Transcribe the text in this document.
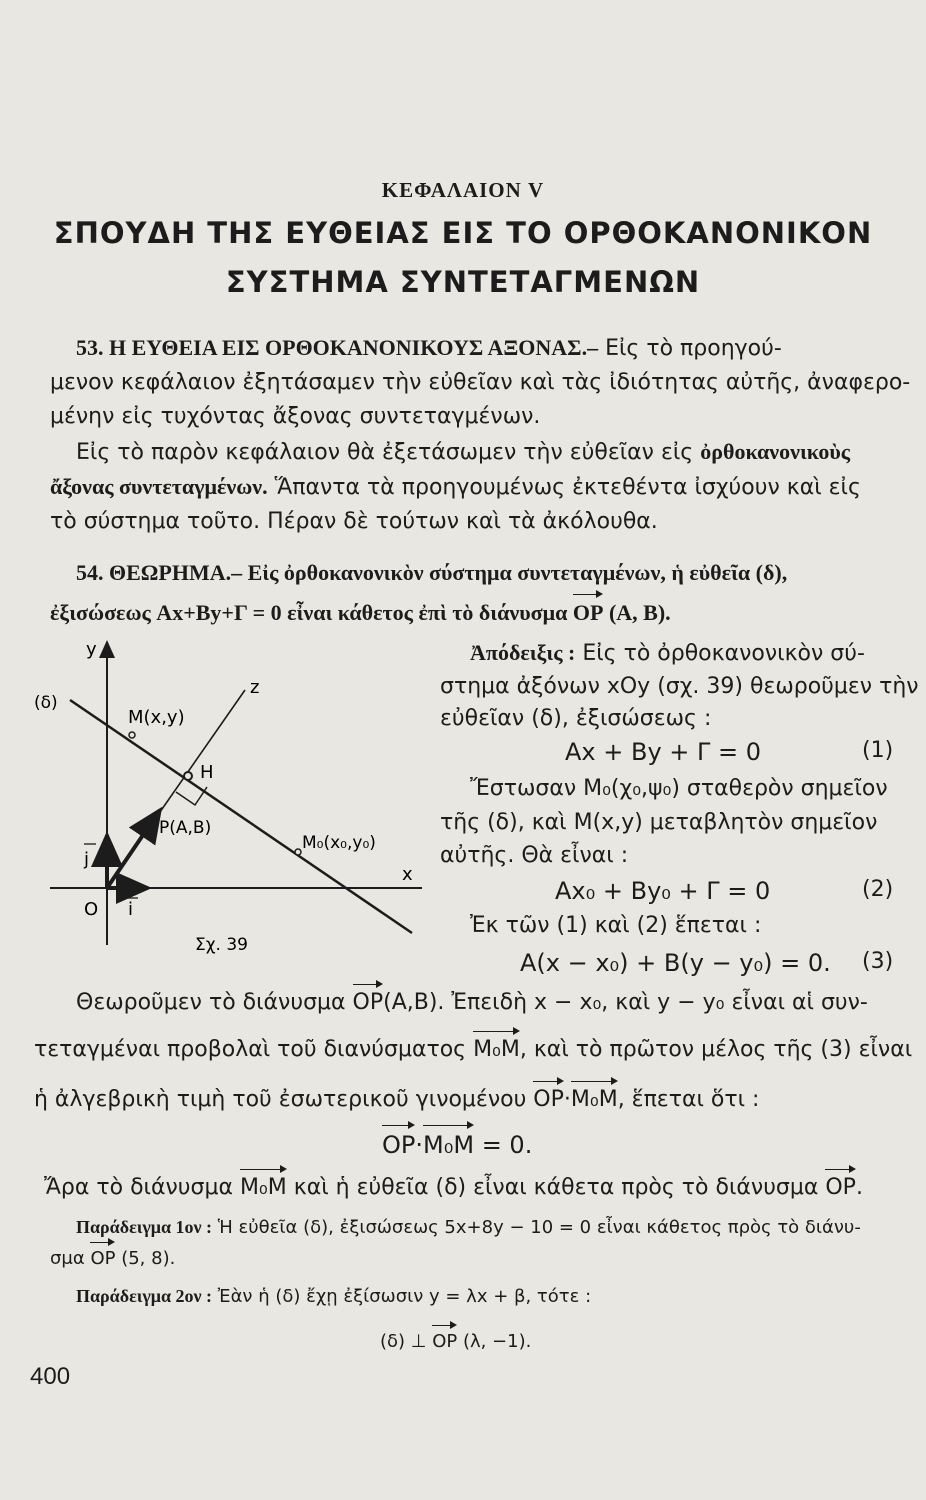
ΚΕΦΑΛΑΙΟΝ V
ΣΠΟΥΔΗ ΤΗΣ ΕΥΘΕΙΑΣ ΕΙΣ ΤΟ ΟΡΘΟΚΑΝΟΝΙΚΟΝ
ΣΥΣΤΗΜΑ ΣΥΝΤΕΤΑΓΜΕΝΩΝ
53. Η ΕΥΘΕΙΑ ΕΙΣ ΟΡΘΟΚΑΝΟΝΙΚΟΥΣ ΑΞΟΝΑΣ.– Εἰς τὸ προηγού-
μενον κεφάλαιον ἐξητάσαμεν τὴν εὐθεῖαν καὶ τὰς ἰδιότητας αὐτῆς, ἀναφερο-
μένην εἰς τυχόντας ἄξονας συντεταγμένων.
Εἰς τὸ παρὸν κεφάλαιον θὰ ἐξετάσωμεν τὴν εὐθεῖαν εἰς ὀρθοκανονικοὺς
ἄξονας συντεταγμένων. Ἅπαντα τὰ προηγουμένως ἐκτεθέντα ἰσχύουν καὶ εἰς
τὸ σύστημα τοῦτο. Πέραν δὲ τούτων καὶ τὰ ἀκόλουθα.
54. ΘΕΩΡΗΜΑ.– Εἰς ὀρθοκανονικὸν σύστημα συντεταγμένων, ἡ εὐθεῖα (δ),
ἐξισώσεως Ax+By+Γ = 0 εἶναι κάθετος ἐπὶ τὸ διάνυσμα OP (A, B).
y
x
z
(δ)
M(x,y)
H
P(A,B)
M₀(x₀,y₀)
j
i
O
Σχ. 39
Ἀπόδειξις : Εἰς τὸ ὀρθοκανονικὸν σύ-
στημα ἀξόνων xOy (σχ. 39) θεωροῦμεν τὴν
εὐθεῖαν (δ), ἐξισώσεως :
Ax + By + Γ = 0	(1)
Ἔστωσαν M₀(χ₀,ψ₀) σταθερὸν σημεῖον
τῆς (δ), καὶ M(x,y) μεταβλητὸν σημεῖον
αὐτῆς. Θὰ εἶναι :
Ax₀ + By₀ + Γ = 0	(2)
Ἐκ τῶν (1) καὶ (2) ἕπεται :
A(x − x₀) + B(y − y₀) = 0. (3)
Θεωροῦμεν τὸ διάνυσμα OP(A,B). Ἐπειδὴ x − x₀, καὶ y − y₀ εἶναι αἱ συν-
τεταγμέναι προβολαὶ τοῦ διανύσματος M₀M, καὶ τὸ πρῶτον μέλος τῆς (3) εἶναι
ἡ ἀλγεβρικὴ τιμὴ τοῦ ἐσωτερικοῦ γινομένου OP·M₀M, ἕπεται ὅτι :
OP·M₀M = 0.
Ἄρα τὸ διάνυσμα M₀M καὶ ἡ εὐθεῖα (δ) εἶναι κάθετα πρὸς τὸ διάνυσμα OP.
Παράδειγμα 1ον : Ἡ εὐθεῖα (δ), ἐξισώσεως 5x+8y − 10 = 0 εἶναι κάθετος πρὸς τὸ διάνυ-
σμα OP (5, 8).
Παράδειγμα 2ον : Ἐὰν ἡ (δ) ἔχῃ ἐξίσωσιν y = λx + β, τότε :
(δ) ⊥ OP (λ, −1).
400
